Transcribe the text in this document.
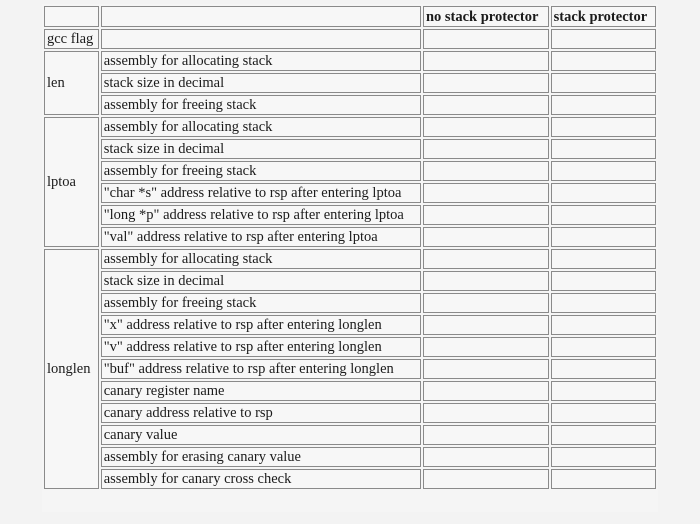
		no stack protector	stack protector
gcc flag			
len	assembly for allocating stack		
	stack size in decimal		
	assembly for freeing stack		
lptoa	assembly for allocating stack		
	stack size in decimal		
	assembly for freeing stack		
	"char *s" address relative to rsp after entering lptoa		
	"long *p" address relative to rsp after entering lptoa		
	"val" address relative to rsp after entering lptoa		
longlen	assembly for allocating stack		
	stack size in decimal		
	assembly for freeing stack		
	"x" address relative to rsp after entering longlen		
	"v" address relative to rsp after entering longlen		
	"buf" address relative to rsp after entering longlen		
	canary register name		
	canary address relative to rsp		
	canary value		
	assembly for erasing canary value		
	assembly for canary cross check		
